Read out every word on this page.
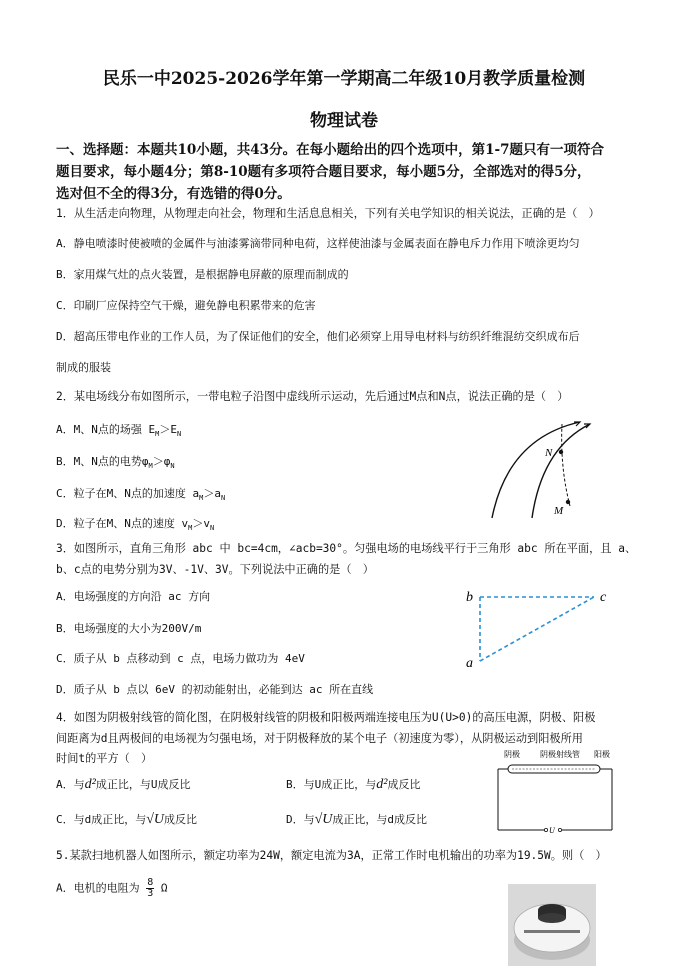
民乐一中2025-2026学年第一学期高二年级10月教学质量检测
物理试卷
一、选择题：本题共10小题，共43分。在每小题给出的四个选项中，第1-7题只有一项符合
题目要求，每小题4分；第8-10题有多项符合题目要求，每小题5分，全部选对的得5分，
选对但不全的得3分，有选错的得0分。
1．从生活走向物理，从物理走向社会，物理和生活息息相关，下列有关电学知识的相关说法，正确的是（　）
A．静电喷漆时使被喷的金属件与油漆雾滴带同种电荷，这样使油漆与金属表面在静电斥力作用下喷涂更均匀
B．家用煤气灶的点火装置，是根据静电屏蔽的原理而制成的
C．印刷厂应保持空气干燥，避免静电积累带来的危害
D．超高压带电作业的工作人员，为了保证他们的安全，他们必须穿上用导电材料与纺织纤维混纺交织成布后
制成的服装
2．某电场线分布如图所示，一带电粒子沿图中虚线所示运动，先后通过M点和N点，说法正确的是（　）
A．M、N点的场强 $E_M>E_N$
B．M、N点的电势$\varphi_M>\varphi_N$
C．粒子在M、N点的加速度 $a_M>a_N$
D．粒子在M、N点的速度 $v_M>v_N$
N
M
3．如图所示，直角三角形 abc 中 bc=4cm，∠acb=30°。匀强电场的电场线平行于三角形 abc 所在平面，且 a、
b、c点的电势分别为3V、-1V、3V。下列说法中正确的是（　）
A．电场强度的方向沿 ac 方向
B．电场强度的大小为200V/m
C．质子从 b 点移动到 c 点，电场力做功为 4eV
D．质子从 b 点以 6eV 的初动能射出，必能到达 ac 所在直线
b	c
a
4．如图为阴极射线管的简化图，在阴极射线管的阴极和阳极两端连接电压为U(U>0)的高压电源，阴极、阳极
间距离为d且两极间的电场视为匀强电场，对于阴极释放的某个电子（初速度为零），从阴极运动到阳极所用
时间t的平方（　）
A．与d²成正比，与U成反比	B．与U成正比，与d²成反比
C．与d成正比，与√U成反比	D．与√U成正比，与d成反比
阴极	阴极射线管 阳极
U
5.某款扫地机器人如图所示，额定功率为24W，额定电流为3A，正常工作时电机输出的功率为19.5W。则（　）
A．电机的电阻为 $\frac{8}{3}$ Ω
